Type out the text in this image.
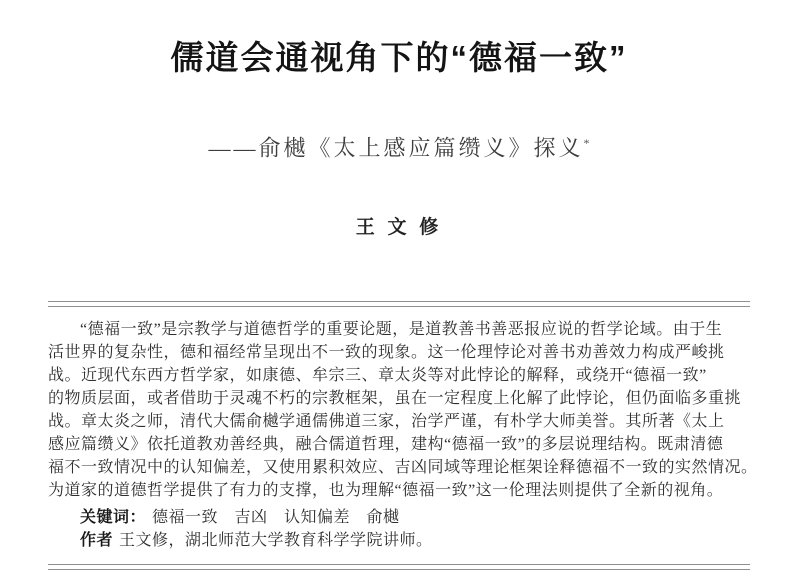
儒道会通视角下的“德福一致”
——俞樾《太上感应篇缵义》探义*
王 文 修
“德福一致”是宗教学与道德哲学的重要论题，是道教善书善恶报应说的哲学论域。由于生
活世界的复杂性，德和福经常呈现出不一致的现象。这一伦理悖论对善书劝善效力构成严峻挑
战。近现代东西方哲学家，如康德、牟宗三、章太炎等对此悖论的解释，或绕开“德福一致”
的物质层面，或者借助于灵魂不朽的宗教框架，虽在一定程度上化解了此悖论，但仍面临多重挑
战。章太炎之师，清代大儒俞樾学通儒佛道三家，治学严谨，有朴学大师美誉。其所著《太上
感应篇缵义》依托道教劝善经典，融合儒道哲理，建构“德福一致”的多层说理结构。既肃清德
福不一致情况中的认知偏差，又使用累积效应、吉凶同域等理论框架诠释德福不一致的实然情况。
为道家的道德哲学提供了有力的支撑，也为理解“德福一致”这一伦理法则提供了全新的视角。
关键词： 德福一致　吉凶　认知偏差　俞樾
作者 王文修，湖北师范大学教育科学学院讲师。
